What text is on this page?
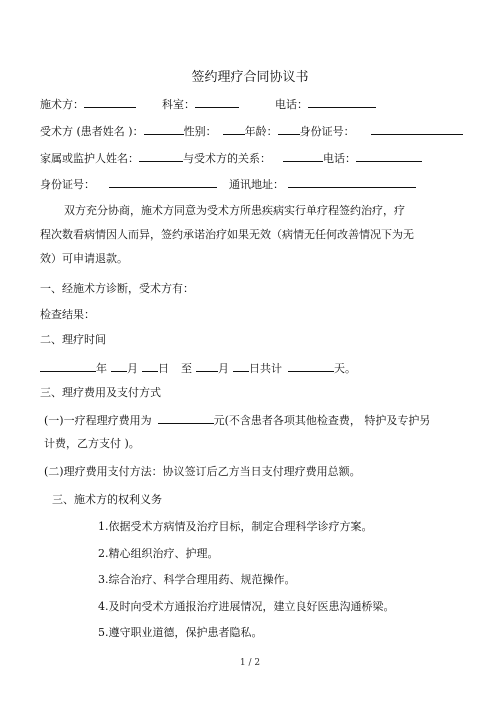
签约理疗合同协议书
施术方：	科室：	电话：
受术方 (患者姓名 )：	性别：	年龄： 身份证号：
家属或监护人姓名：	与受术方的关系：	电话：
身份证号：	通讯地址：
双方充分协商，施术方同意为受术方所患疾病实行单疗程签约治疗，疗
程次数看病情因人而异，签约承诺治疗如果无效（病情无任何改善情况下为无
效）可申请退款。
一、经施术方诊断，受术方有：
检查结果：
二、理疗时间
年 月 日 至 月 日共计	天。
三、理疗费用及支付方式
(一)一疗程理疗费用为	元(不含患者各项其他检查费， 特护及专护另
计费，乙方支付 )。
(二)理疗费用支付方法：协议签订后乙方当日支付理疗费用总额。
三、施术方的权利义务
1.依据受术方病情及治疗目标，制定合理科学诊疗方案。
2.精心组织治疗、护理。
3.综合治疗、科学合理用药、规范操作。
4.及时向受术方通报治疗进展情况，建立良好医患沟通桥梁。
5.遵守职业道德，保护患者隐私。
1 / 2
